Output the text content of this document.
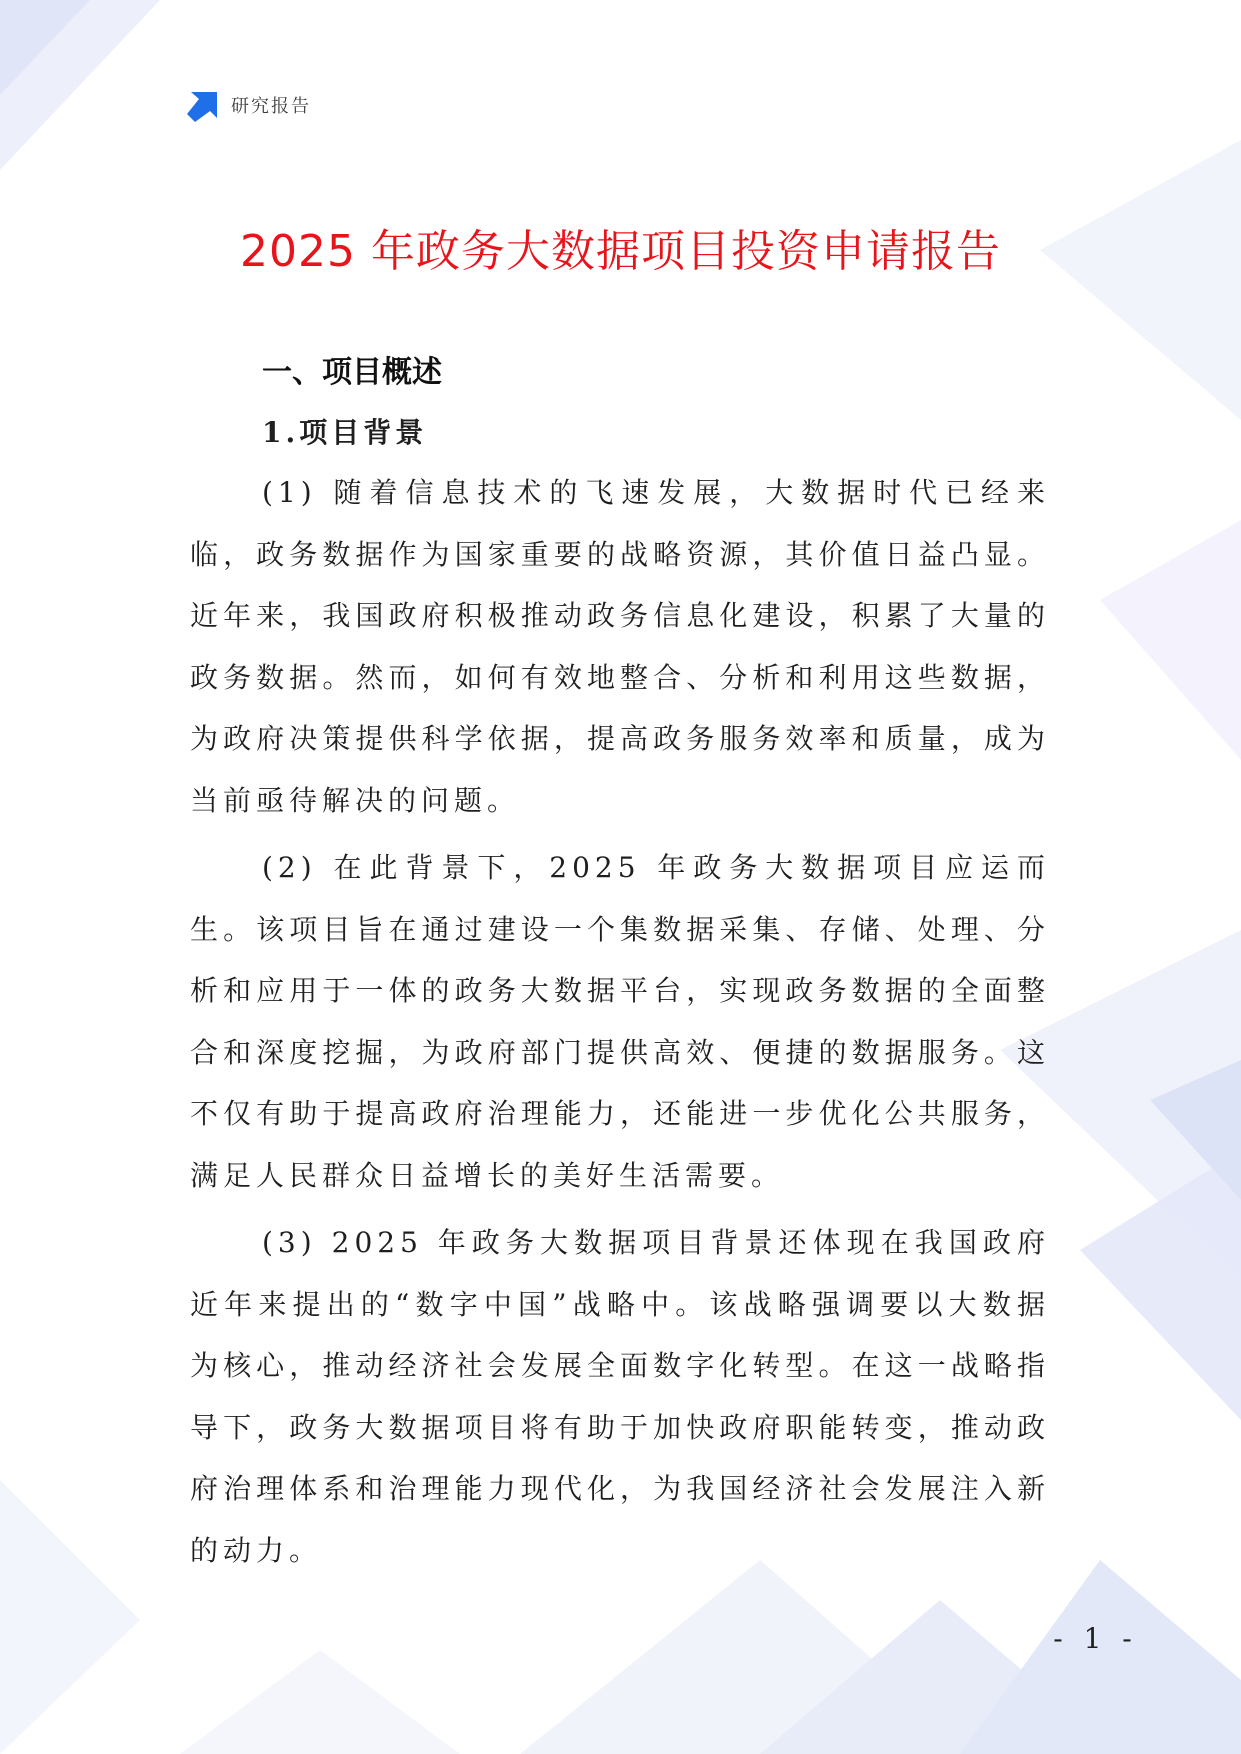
研究报告
2025 年政务大数据项目投资申请报告
一、项目概述
1.项目背景

(1) 随着信息技术的飞速发展，大数据时代已经来临，政务数据作为国家重要的战略资源，其价值日益凸显。近年来，我国政府积极推动政务信息化建设，积累了大量的政务数据。然而，如何有效地整合、分析和利用这些数据，为政府决策提供科学依据，提高政务服务效率和质量，成为当前亟待解决的问题。

(2) 在此背景下，2025 年政务大数据项目应运而生。该项目旨在通过建设一个集数据采集、存储、处理、分析和应用于一体的政务大数据平台，实现政务数据的全面整合和深度挖掘，为政府部门提供高效、便捷的数据服务。这不仅有助于提高政府治理能力，还能进一步优化公共服务，满足人民群众日益增长的美好生活需要。

(3) 2025 年政务大数据项目背景还体现在我国政府近年来提出的“数字中国”战略中。该战略强调要以大数据为核心，推动经济社会发展全面数字化转型。在这一战略指导下，政务大数据项目将有助于加快政府职能转变，推动政府治理体系和治理能力现代化，为我国经济社会发展注入新的动力。

- 1 -
